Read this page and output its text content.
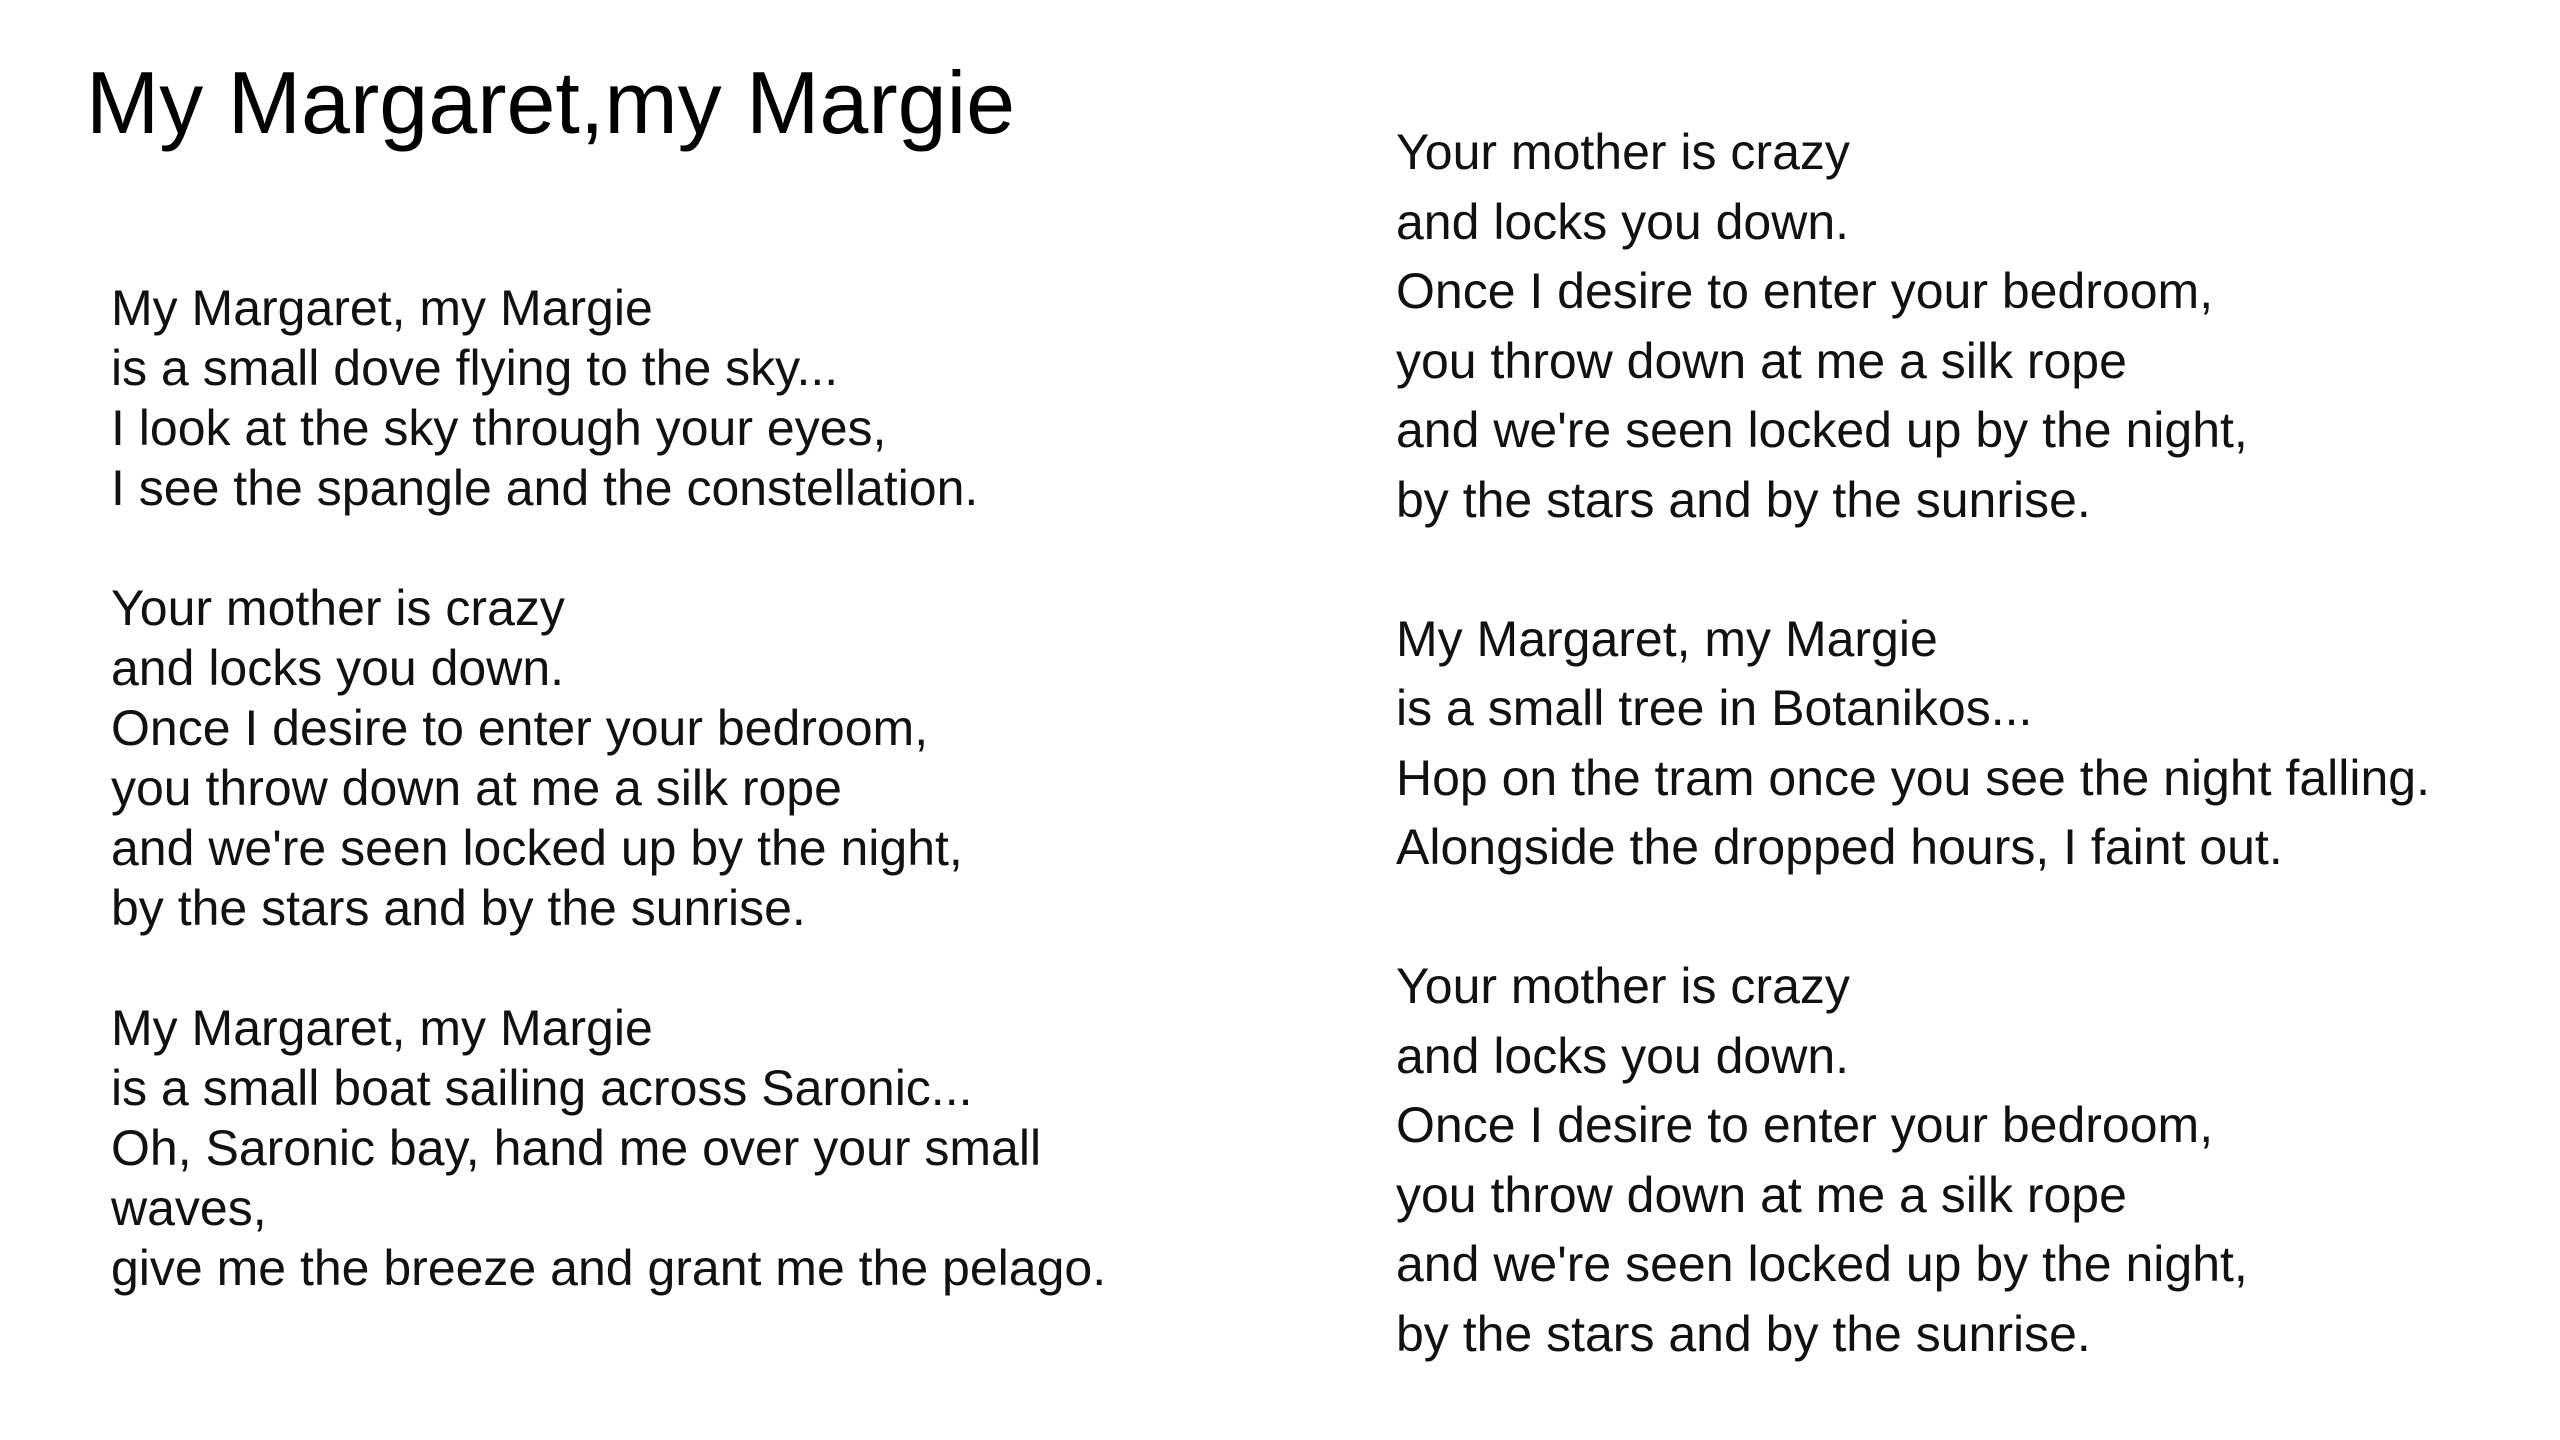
My Margaret,my Margie
My Margaret, my Margie
is a small dove flying to the sky...
I look at the sky through your eyes,
I see the spangle and the constellation.
Your mother is crazy
and locks you down.
Once I desire to enter your bedroom,
you throw down at me a silk rope
and we're seen locked up by the night,
by the stars and by the sunrise.
My Margaret, my Margie
is a small boat sailing across Saronic...
Oh, Saronic bay, hand me over your small
waves,
give me the breeze and grant me the pelago.
Your mother is crazy
and locks you down.
Once I desire to enter your bedroom,
you throw down at me a silk rope
and we're seen locked up by the night,
by the stars and by the sunrise.
My Margaret, my Margie
is a small tree in Botanikos...
Hop on the tram once you see the night falling.
Alongside the dropped hours, I faint out.
Your mother is crazy
and locks you down.
Once I desire to enter your bedroom,
you throw down at me a silk rope
and we're seen locked up by the night,
by the stars and by the sunrise.
